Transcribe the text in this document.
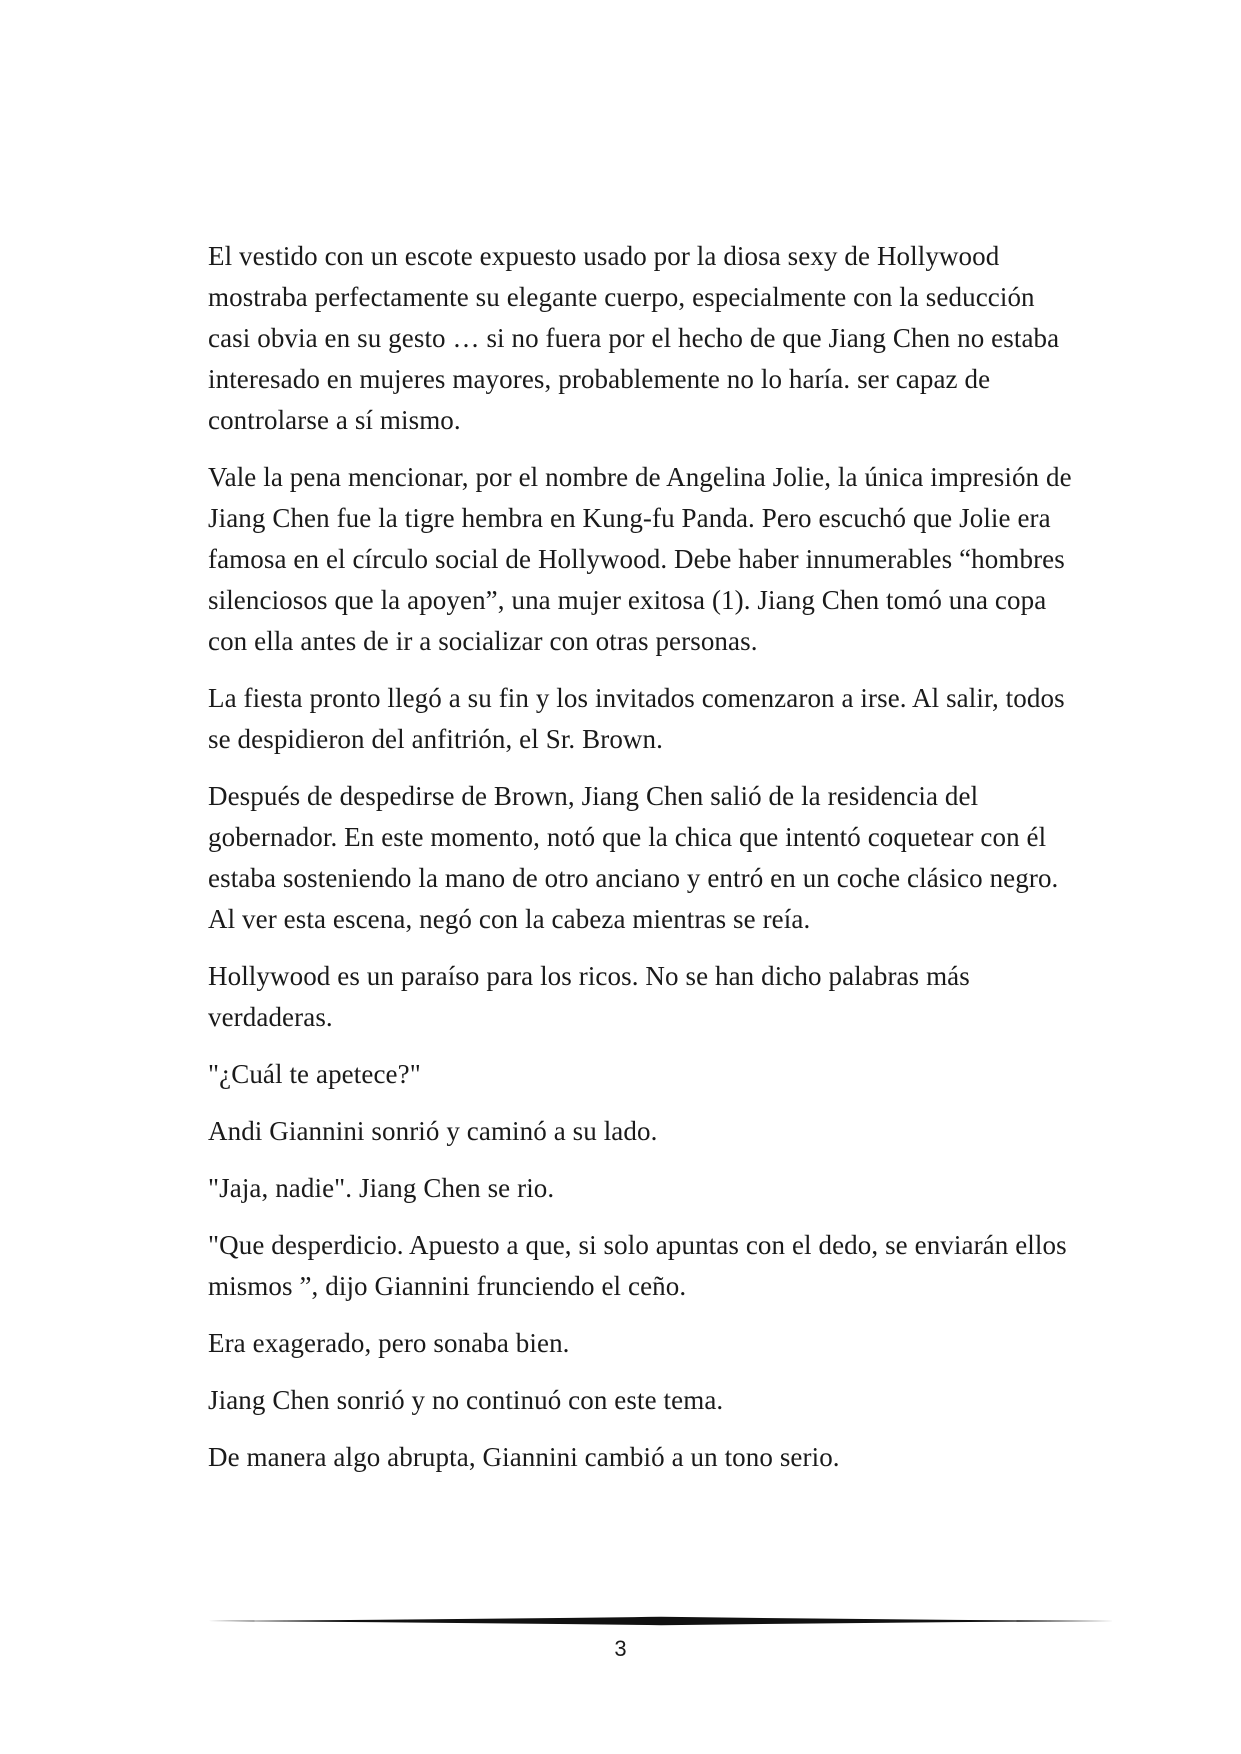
El vestido con un escote expuesto usado por la diosa sexy de Hollywood mostraba perfectamente su elegante cuerpo, especialmente con la seducción casi obvia en su gesto … si no fuera por el hecho de que Jiang Chen no estaba interesado en mujeres mayores, probablemente no lo haría. ser capaz de controlarse a sí mismo.

Vale la pena mencionar, por el nombre de Angelina Jolie, la única impresión de Jiang Chen fue la tigre hembra en Kung-fu Panda. Pero escuchó que Jolie era famosa en el círculo social de Hollywood. Debe haber innumerables “hombres silenciosos que la apoyen”, una mujer exitosa (1). Jiang Chen tomó una copa con ella antes de ir a socializar con otras personas.

La fiesta pronto llegó a su fin y los invitados comenzaron a irse. Al salir, todos se despidieron del anfitrión, el Sr. Brown.

Después de despedirse de Brown, Jiang Chen salió de la residencia del gobernador. En este momento, notó que la chica que intentó coquetear con él estaba sosteniendo la mano de otro anciano y entró en un coche clásico negro. Al ver esta escena, negó con la cabeza mientras se reía.

Hollywood es un paraíso para los ricos. No se han dicho palabras más verdaderas.

"¿Cuál te apetece?"

Andi Giannini sonrió y caminó a su lado.

"Jaja, nadie". Jiang Chen se rio.

"Que desperdicio. Apuesto a que, si solo apuntas con el dedo, se enviarán ellos mismos ”, dijo Giannini frunciendo el ceño.

Era exagerado, pero sonaba bien.

Jiang Chen sonrió y no continuó con este tema.

De manera algo abrupta, Giannini cambió a un tono serio.

3
